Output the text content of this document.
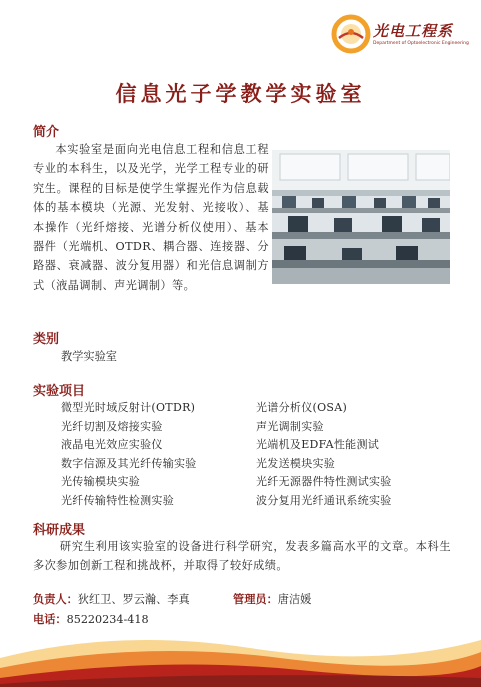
光电工程系
Department of Optoelectronic Engineering
信息光子学教学实验室
简介

本实验室是面向光电信息工程和信息工程专业的本科生，以及光学，光学工程专业的研究生。课程的目标是使学生掌握光作为信息载体的基本模块（光源、光发射、光接收）、基本操作（光纤熔接、光谱分析仪使用）、基本器件（光端机、OTDR、耦合器、连接器、分路器、衰减器、波分复用器）和光信息调制方式（液晶调制、声光调制）等。

类别
教学实验室
实验项目
微型光时域反射计(OTDR)
光纤切割及熔接实验
液晶电光效应实验仪
数字信源及其光纤传输实验
光传输模块实验
光纤传输特性检测实验
光谱分析仪(OSA)
声光调制实验
光端机及EDFA性能测试
光发送模块实验
光纤无源器件特性测试实验
波分复用光纤通讯系统实验
科研成果

研究生利用该实验室的设备进行科学研究，发表多篇高水平的文章。本科生多次参加创新工程和挑战杯，并取得了较好成绩。

负责人：狄红卫、罗云瀚、李真	管理员：唐洁媛
电话：85220234-418
